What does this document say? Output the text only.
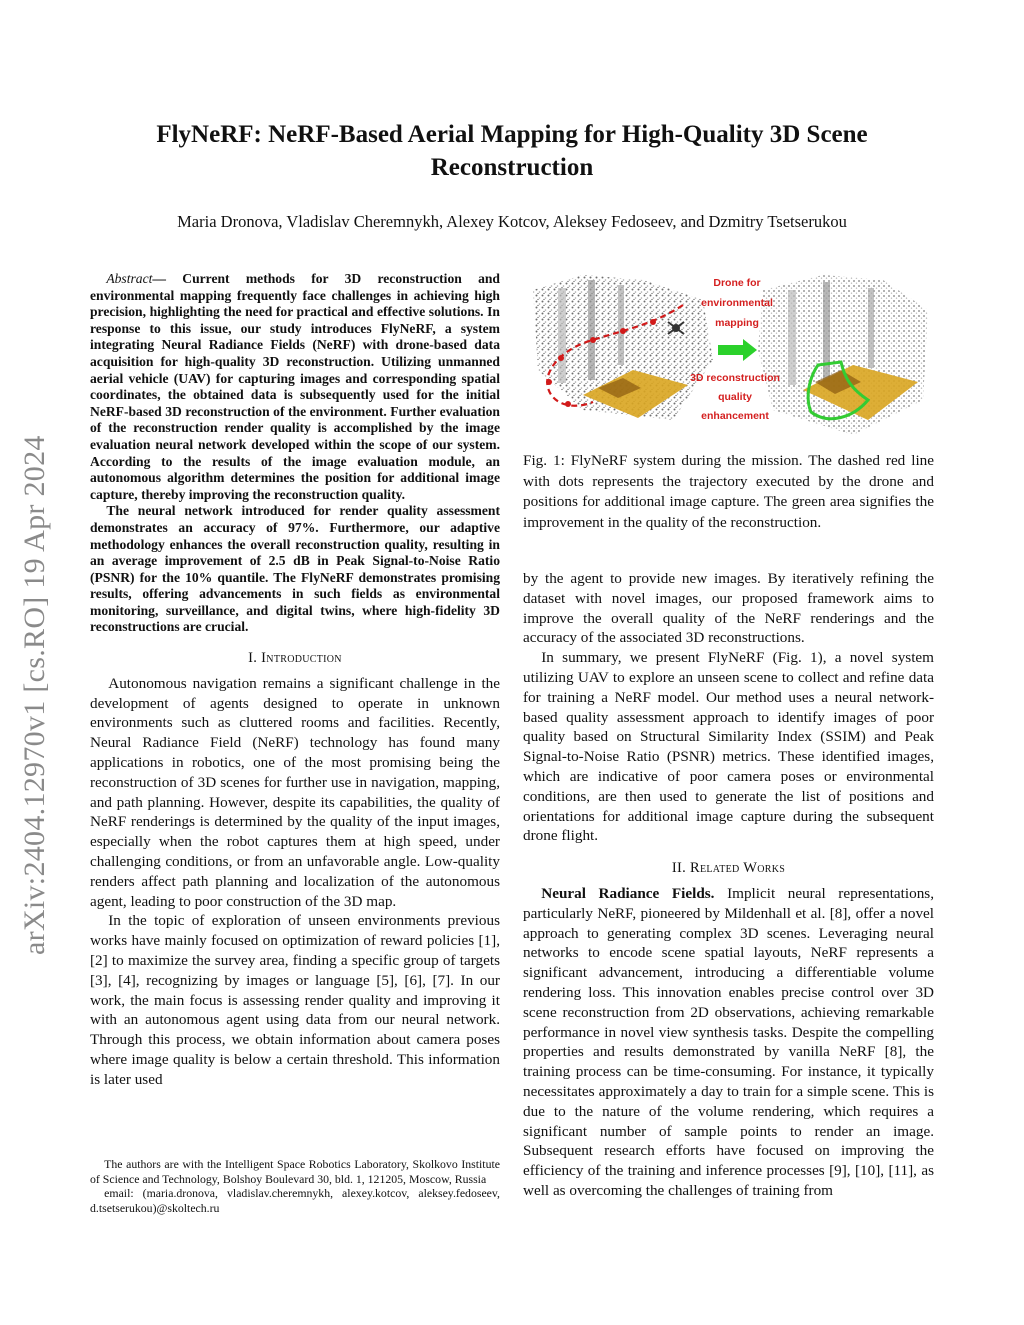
arXiv:2404.12970v1 [cs.RO] 19 Apr 2024
FlyNeRF: NeRF-Based Aerial Mapping for High-Quality 3D Scene Reconstruction
Maria Dronova, Vladislav Cheremnykh, Alexey Kotcov, Aleksey Fedoseev, and Dzmitry Tsetserukou

Abstract— Current methods for 3D reconstruction and environmental mapping frequently face challenges in achieving high precision, highlighting the need for practical and effective solutions. In response to this issue, our study introduces FlyNeRF, a system integrating Neural Radiance Fields (NeRF) with drone-based data acquisition for high-quality 3D reconstruction. Utilizing unmanned aerial vehicle (UAV) for capturing images and corresponding spatial coordinates, the obtained data is subsequently used for the initial NeRF-based 3D reconstruction of the environment. Further evaluation of the reconstruction render quality is accomplished by the image evaluation neural network developed within the scope of our system. According to the results of the image evaluation module, an autonomous algorithm determines the position for additional image capture, thereby improving the reconstruction quality.

The neural network introduced for render quality assessment demonstrates an accuracy of 97%. Furthermore, our adaptive methodology enhances the overall reconstruction quality, resulting in an average improvement of 2.5 dB in Peak Signal-to-Noise Ratio (PSNR) for the 10% quantile. The FlyNeRF demonstrates promising results, offering advancements in such fields as environmental monitoring, surveillance, and digital twins, where high-fidelity 3D reconstructions are crucial.

I. Introduction

Autonomous navigation remains a significant challenge in the development of agents designed to operate in unknown environments such as cluttered rooms and facilities. Recently, Neural Radiance Field (NeRF) technology has found many applications in robotics, one of the most promising being the reconstruction of 3D scenes for further use in navigation, mapping, and path planning. However, despite its capabilities, the quality of NeRF renderings is determined by the quality of the input images, especially when the robot captures them at high speed, under challenging conditions, or from an unfavorable angle. Low-quality renders affect path planning and localization of the autonomous agent, leading to poor construction of the 3D map.

In the topic of exploration of unseen environments previous works have mainly focused on optimization of reward policies [1], [2] to maximize the survey area, finding a specific group of targets [3], [4], recognizing by images or language [5], [6], [7]. In our work, the main focus is assessing render quality and improving it with an autonomous agent using data from our neural network. Through this process, we obtain information about camera poses where image quality is below a certain threshold. This information is later used

The authors are with the Intelligent Space Robotics Laboratory, Skolkovo Institute of Science and Technology, Bolshoy Boulevard 30, bld. 1, 121205, Moscow, Russia

email: (maria.dronova, vladislav.cheremnykh, alexey.kotcov, aleksey.fedoseev, d.tsetserukou)@skoltech.ru

Drone for
environmental
mapping
3D reconstruction
quality
enhancement
Fig. 1: FlyNeRF system during the mission. The dashed red line with dots represents the trajectory executed by the drone and positions for additional image capture. The green area signifies the improvement in the quality of the reconstruction.

by the agent to provide new images. By iteratively refining the dataset with novel images, our proposed framework aims to improve the overall quality of the NeRF renderings and the accuracy of the associated 3D reconstructions.

In summary, we present FlyNeRF (Fig. 1), a novel system utilizing UAV to explore an unseen scene to collect and refine data for training a NeRF model. Our method uses a neural network-based quality assessment approach to identify images of poor quality based on Structural Similarity Index (SSIM) and Peak Signal-to-Noise Ratio (PSNR) metrics. These identified images, which are indicative of poor camera poses or environmental conditions, are then used to generate the list of positions and orientations for additional image capture during the subsequent drone flight.

II. Related Works

Neural Radiance Fields. Implicit neural representations, particularly NeRF, pioneered by Mildenhall et al. [8], offer a novel approach to generating complex 3D scenes. Leveraging neural networks to encode scene spatial layouts, NeRF represents a significant advancement, introducing a differentiable volume rendering loss. This innovation enables precise control over 3D scene reconstruction from 2D observations, achieving remarkable performance in novel view synthesis tasks. Despite the compelling properties and results demonstrated by vanilla NeRF [8], the training process can be time-consuming. For instance, it typically necessitates approximately a day to train for a simple scene. This is due to the nature of the volume rendering, which requires a significant number of sample points to render an image. Subsequent research efforts have focused on improving the efficiency of the training and inference processes [9], [10], [11], as well as overcoming the challenges of training from
